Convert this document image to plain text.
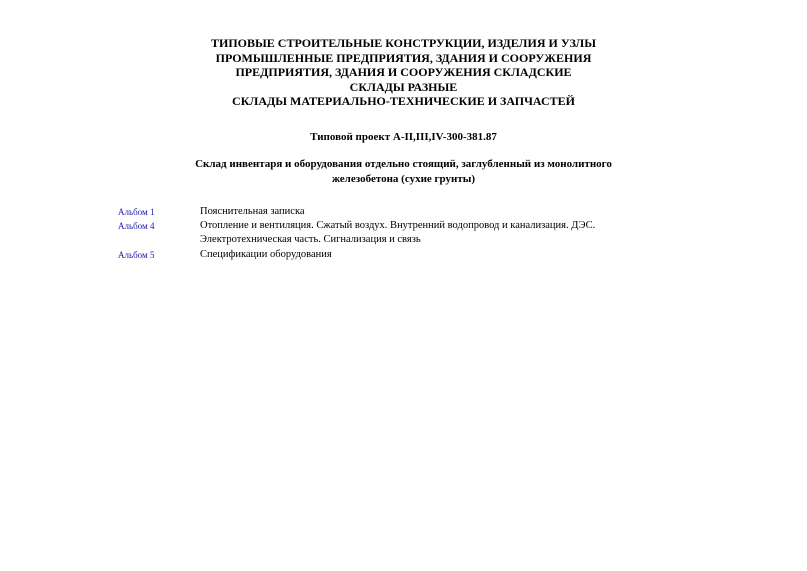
ТИПОВЫЕ СТРОИТЕЛЬНЫЕ КОНСТРУКЦИИ, ИЗДЕЛИЯ И УЗЛЫ
ПРОМЫШЛЕННЫЕ ПРЕДПРИЯТИЯ, ЗДАНИЯ И СООРУЖЕНИЯ
ПРЕДПРИЯТИЯ, ЗДАНИЯ И СООРУЖЕНИЯ СКЛАДСКИЕ
СКЛАДЫ РАЗНЫЕ
СКЛАДЫ МАТЕРИАЛЬНО-ТЕХНИЧЕСКИЕ И ЗАПЧАСТЕЙ
Типовой проект А-II,III,IV-300-381.87
Склад инвентаря и оборудования отдельно стоящий, заглубленный из монолитного
железобетона (сухие грунты)
Альбом 1	Пояснительная записка
Альбом 4	Отопление и вентиляция. Сжатый воздух. Внутренний водопровод и канализация. ДЭС.
Электротехническая часть. Сигнализация и связь
Альбом 5	Спецификации оборудования
